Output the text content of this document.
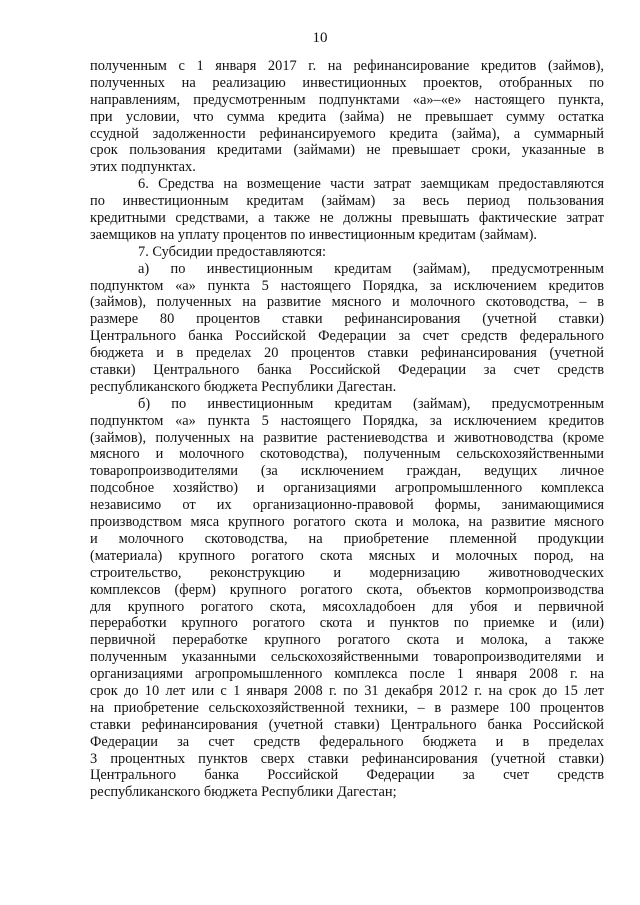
10
полученным с 1 января 2017 г. на рефинансирование кредитов (займов),
полученных на реализацию инвестиционных проектов, отобранных по
направлениям, предусмотренным подпунктами «а»–«е» настоящего пункта,
при условии, что сумма кредита (займа) не превышает сумму остатка
ссудной задолженности рефинансируемого кредита (займа), а суммарный
срок пользования кредитами (займами) не превышает сроки, указанные в
этих подпунктах.
6. Средства на возмещение части затрат заемщикам предоставляются
по инвестиционным кредитам (займам) за весь период пользования
кредитными средствами, а также не должны превышать фактические затрат
заемщиков на уплату процентов по инвестиционным кредитам (займам).
7. Субсидии предоставляются:
а) по инвестиционным кредитам (займам), предусмотренным
подпунктом «а» пункта 5 настоящего Порядка, за исключением кредитов
(займов), полученных на развитие мясного и молочного скотоводства, – в
размере 80 процентов ставки рефинансирования (учетной ставки)
Центрального банка Российской Федерации за счет средств федерального
бюджета и в пределах 20 процентов ставки рефинансирования (учетной
ставки) Центрального банка Российской Федерации за счет средств
республиканского бюджета Республики Дагестан.
б) по инвестиционным кредитам (займам), предусмотренным
подпунктом «а» пункта 5 настоящего Порядка, за исключением кредитов
(займов), полученных на развитие растениеводства и животноводства (кроме
мясного и молочного скотоводства), полученным сельскохозяйственными
товаропроизводителями (за исключением граждан, ведущих личное
подсобное хозяйство) и организациями агропромышленного комплекса
независимо от их организационно-правовой формы, занимающимися
производством мяса крупного рогатого скота и молока, на развитие мясного
и молочного скотоводства, на приобретение племенной продукции
(материала) крупного рогатого скота мясных и молочных пород, на
строительство, реконструкцию и модернизацию животноводческих
комплексов (ферм) крупного рогатого скота, объектов кормопроизводства
для крупного рогатого скота, мясохладобоен для убоя и первичной
переработки крупного рогатого скота и пунктов по приемке и (или)
первичной переработке крупного рогатого скота и молока, а также
полученным указанными сельскохозяйственными товаропроизводителями и
организациями агропромышленного комплекса после 1 января 2008 г. на
срок до 10 лет или с 1 января 2008 г. по 31 декабря 2012 г. на срок до 15 лет
на приобретение сельскохозяйственной техники, – в размере 100 процентов
ставки рефинансирования (учетной ставки) Центрального банка Российской
Федерации за счет средств федерального бюджета и в пределах
3 процентных пунктов сверх ставки рефинансирования (учетной ставки)
Центрального банка Российской Федерации за счет средств
республиканского бюджета Республики Дагестан;
